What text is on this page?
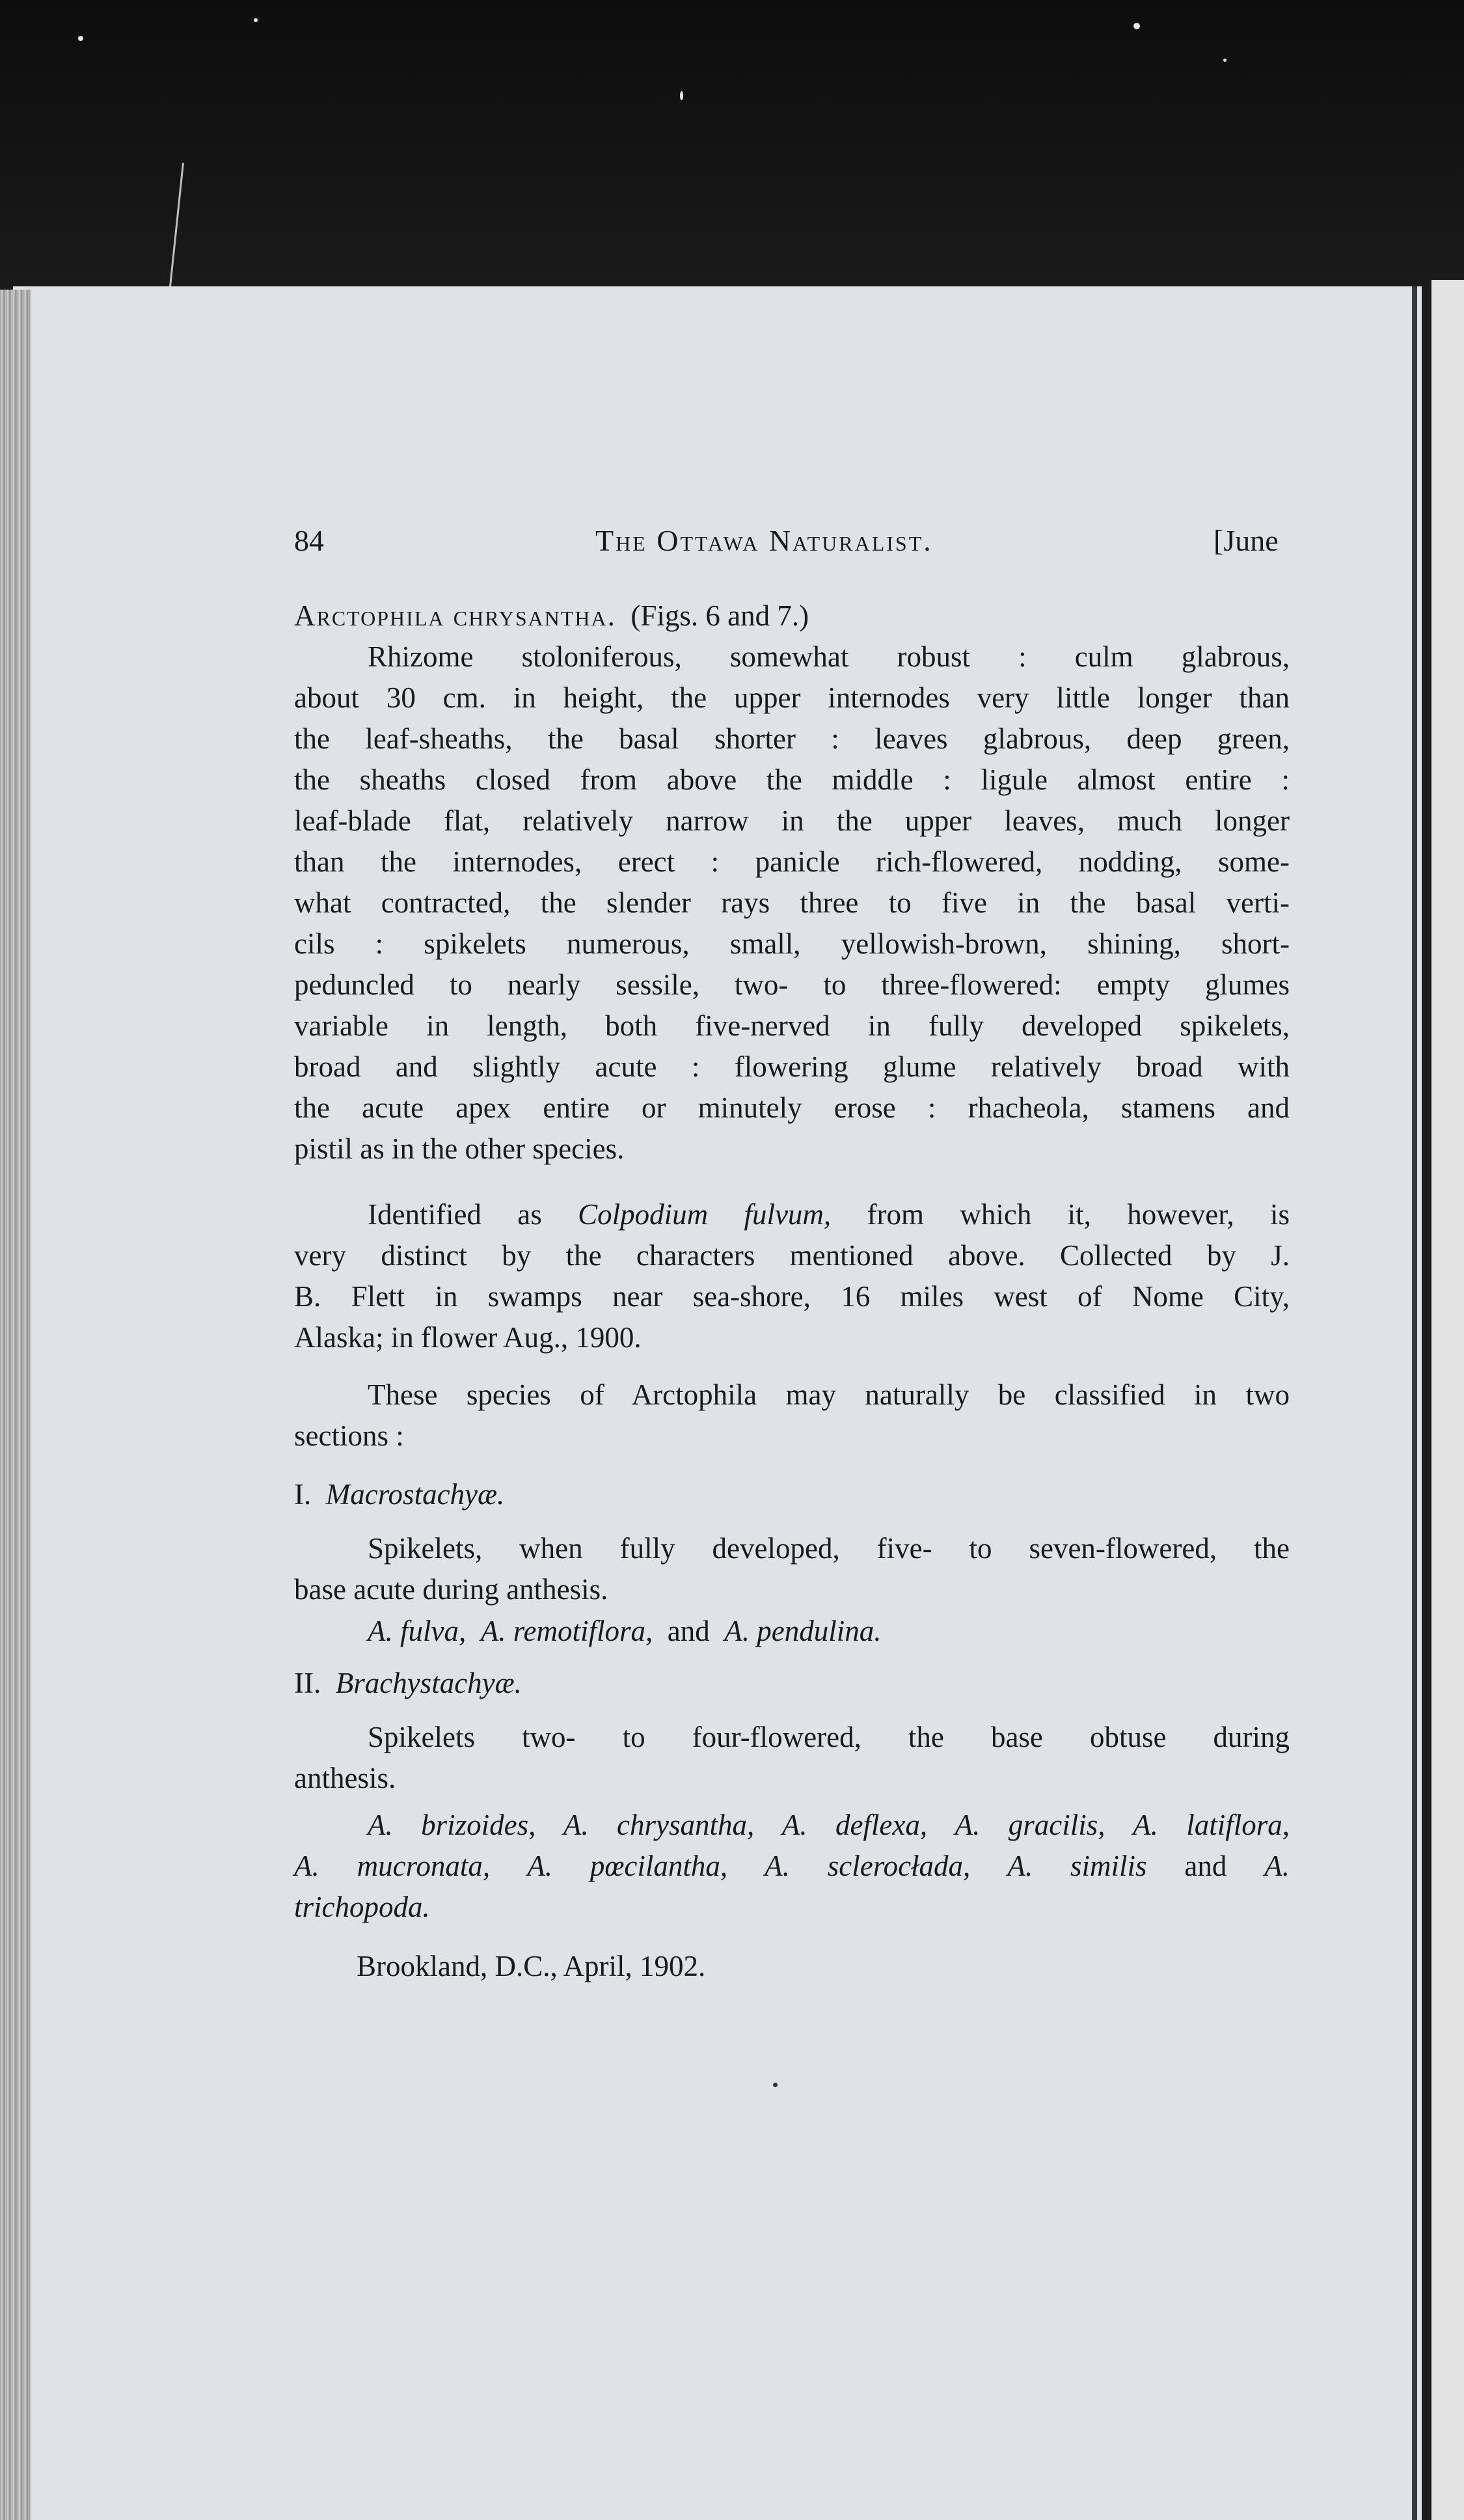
84	The Ottawa Naturalist.	[June
Arctophila chrysantha. (Figs. 6 and 7.)
Rhizome stoloniferous, somewhat robust : culm glabrous,
about 30 cm. in height, the upper internodes very little longer than
the leaf-sheaths, the basal shorter : leaves glabrous, deep green,
the sheaths closed from above the middle : ligule almost entire :
leaf-blade flat, relatively narrow in the upper leaves, much longer
than the internodes, erect : panicle rich-flowered, nodding, some-
what contracted, the slender rays three to five in the basal verti-
cils : spikelets numerous, small, yellowish-brown, shining, short-
peduncled to nearly sessile, two- to three-flowered: empty glumes
variable in length, both five-nerved in fully developed spikelets,
broad and slightly acute : flowering glume relatively broad with
the acute apex entire or minutely erose : rhacheola, stamens and
pistil as in the other species.
Identified as Colpodium fulvum, from which it, however, is
very distinct by the characters mentioned above. Collected by J.
B. Flett in swamps near sea-shore, 16 miles west of Nome City,
Alaska; in flower Aug., 1900.
These species of Arctophila may naturally be classified in two
sections :
I. Macrostachyæ.
Spikelets, when fully developed, five- to seven-flowered, the
base acute during anthesis.
A. fulva, A. remotiflora, and A. pendulina.
II. Brachystachyæ.
Spikelets two- to four-flowered, the base obtuse during
anthesis.
A. brizoides, A. chrysantha, A. deflexa, A. gracilis, A. latiflora,
A. mucronata, A. pœcilantha, A. sclerocłada, A. similis and A.
trichopoda.
Brookland, D.C., April, 1902.
